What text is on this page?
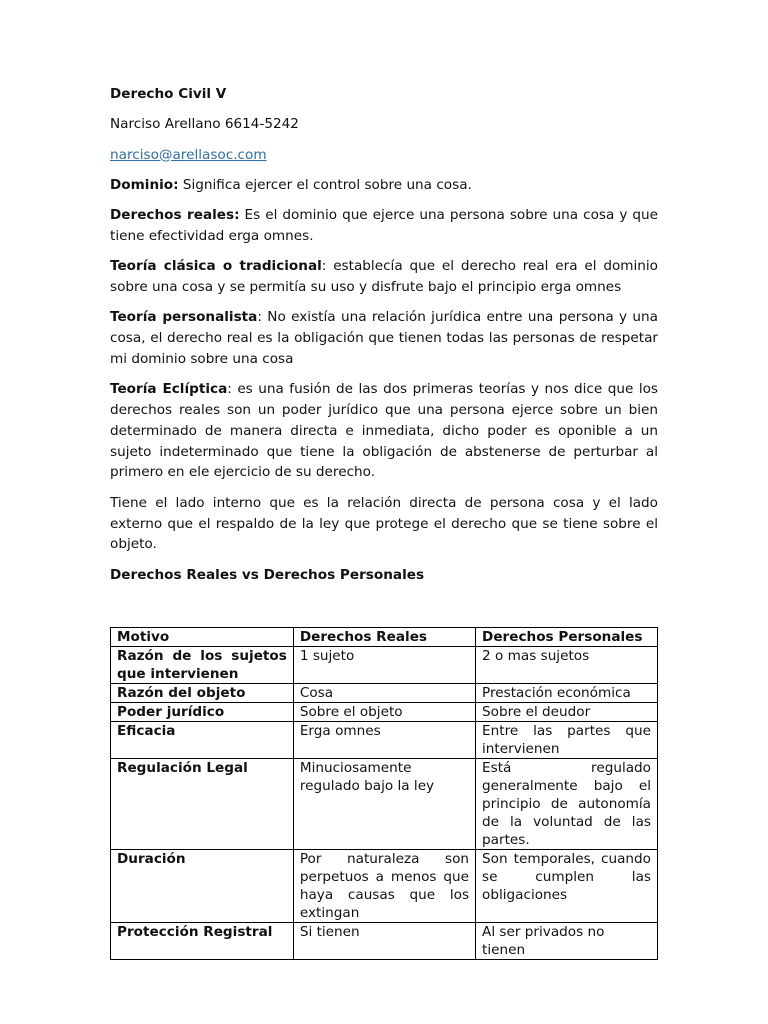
Derecho Civil V

Narciso Arellano 6614-5242

narciso@arellasoc.com

Dominio: Significa ejercer el control sobre una cosa.

Derechos reales: Es el dominio que ejerce una persona sobre una cosa y que tiene efectividad erga omnes.

Teoría clásica o tradicional: establecía que el derecho real era el dominio sobre una cosa y se permitía su uso y disfrute bajo el principio erga omnes

Teoría personalista: No existía una relación jurídica entre una persona y una cosa, el derecho real es la obligación que tienen todas las personas de respetar mi dominio sobre una cosa

Teoría Eclíptica: es una fusión de las dos primeras teorías y nos dice que los derechos reales son un poder jurídico que una persona ejerce sobre un bien determinado de manera directa e inmediata, dicho poder es oponible a un sujeto indeterminado que tiene la obligación de abstenerse de perturbar al primero en ele ejercicio de su derecho.

Tiene el lado interno que es la relación directa de persona cosa y el lado externo que el respaldo de la ley que protege el derecho que se tiene sobre el objeto.

Derechos Reales vs Derechos Personales

Motivo	Derechos Reales	Derechos Personales
Razón de los sujetos que intervienen	1 sujeto	2 o mas sujetos
Razón del objeto	Cosa	Prestación económica
Poder jurídico	Sobre el objeto	Sobre el deudor
Eficacia	Erga omnes	Entre las partes que intervienen
Regulación Legal	Minuciosamente regulado bajo la ley	Está regulado generalmente bajo el principio de autonomía de la voluntad de las partes.
Duración	Por naturaleza son perpetuos a menos que haya causas que los extingan	Son temporales, cuando se cumplen las obligaciones
Protección Registral	Si tienen	Al ser privados no tienen
